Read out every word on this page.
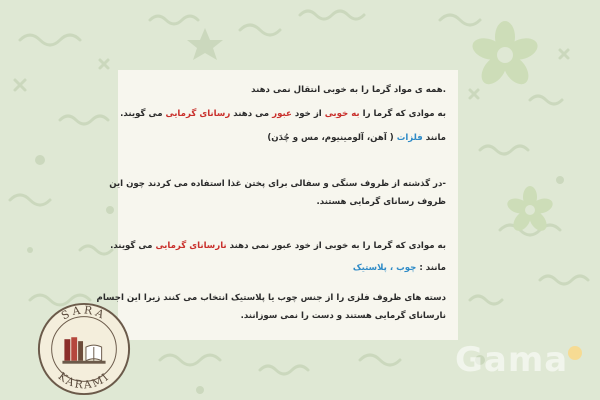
.همه ی مواد گرما را به خوبی انتقال نمی دهند
به موادی که گرما را به خوبی از خود عبور می دهند رسانای گرمایی می گویند.
مانند فلزات ( آهن، آلومینیوم، مس و چُدَن)
-در گذشته از ظروف سنگی و سفالی برای پختن غذا استفاده می کردند چون این
ظروف رسانای گرمایی هستند.
به موادی که گرما را به خوبی از خود عبور نمی دهند نارسانای گرمایی می گویند.
مانند : چوب ، پلاستیک
دسته های ظروف فلزی را از جنس چوب یا پلاستیک انتخاب می کنند زیرا این اجسام
نارسانای گرمایی هستند و دست را نمی سوزانند.
Gama
SARA
KARAMI
